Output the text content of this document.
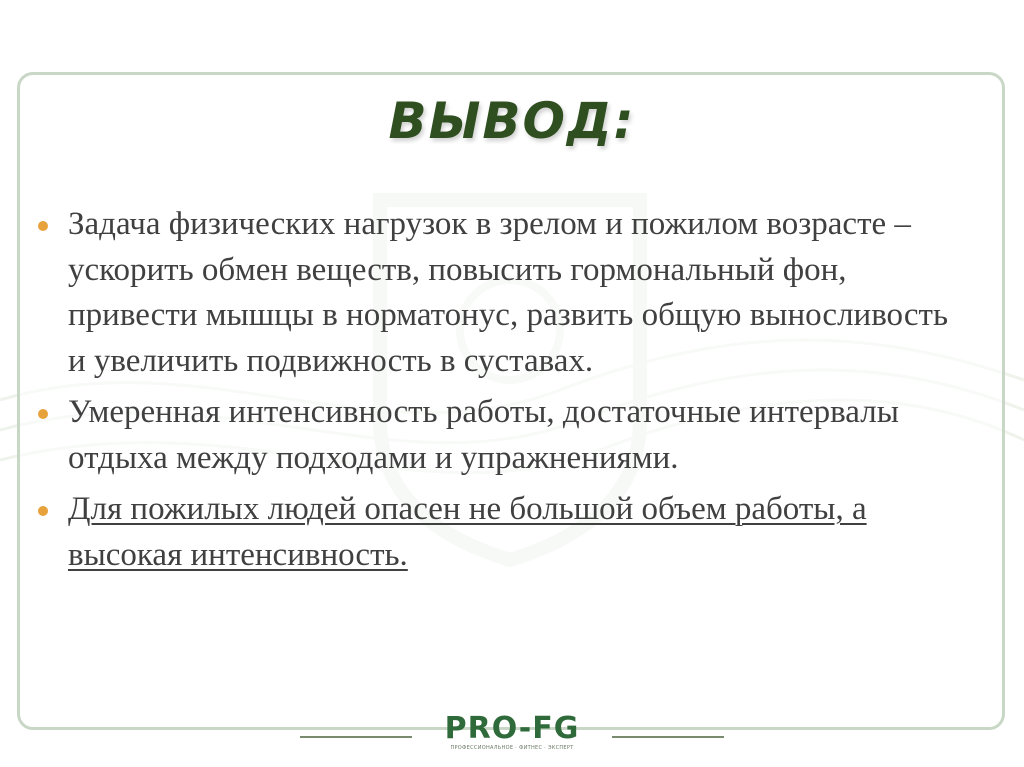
ВЫВОД:
Задача физических нагрузок в зрелом и пожилом возрасте – ускорить обмен веществ, повысить гормональный фон, привести мышцы в норматонус, развить общую выносливость и увеличить подвижность в суставах.
Умеренная интенсивность работы, достаточные интервалы отдыха между подходами и упражнениями.
Для пожилых людей опасен не большой объем работы, а высокая интенсивность.
PRO-FG
ПРОФЕССИОНАЛЬНОЕ · ФИТНЕС · ЭКСПЕРТ
